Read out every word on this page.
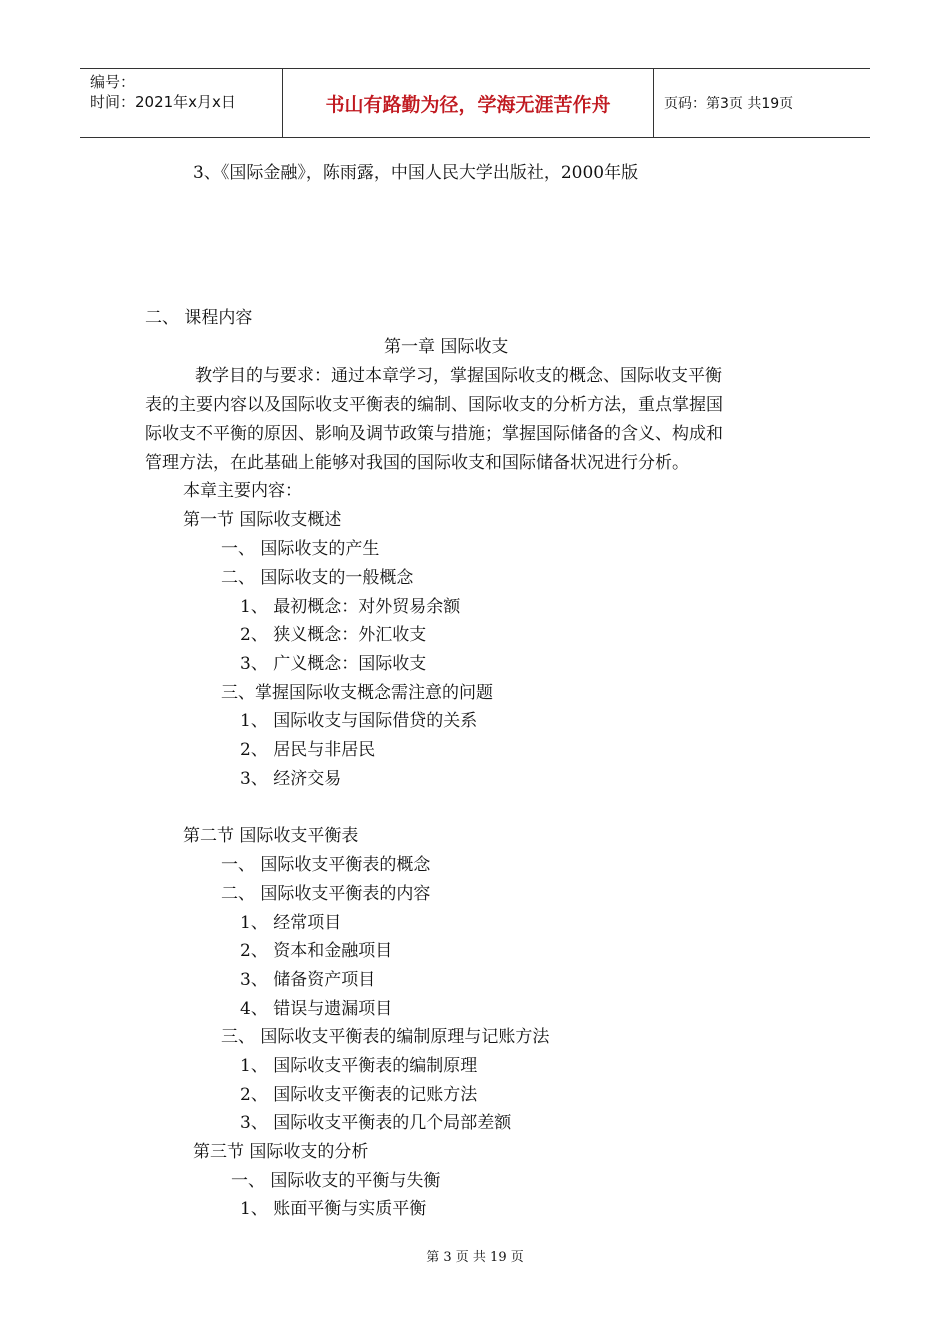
编号：
时间：2021年x月x日	书山有路勤为径，学海无涯苦作舟	页码：第3页 共19页
3、《国际金融》，陈雨露，中国人民大学出版社，2000年版
二、 课程内容
第一章 国际收支
教学目的与要求：通过本章学习，掌握国际收支的概念、国际收支平衡
表的主要内容以及国际收支平衡表的编制、国际收支的分析方法，重点掌握国
际收支不平衡的原因、影响及调节政策与措施；掌握国际储备的含义、构成和
管理方法，在此基础上能够对我国的国际收支和国际储备状况进行分析。
本章主要内容：
第一节 国际收支概述
一、 国际收支的产生
二、 国际收支的一般概念
1、 最初概念：对外贸易余额
2、 狭义概念：外汇收支
3、 广义概念：国际收支
三、掌握国际收支概念需注意的问题
1、 国际收支与国际借贷的关系
2、 居民与非居民
3、 经济交易
第二节 国际收支平衡表
一、 国际收支平衡表的概念
二、 国际收支平衡表的内容
1、 经常项目
2、 资本和金融项目
3、 储备资产项目
4、 错误与遗漏项目
三、 国际收支平衡表的编制原理与记账方法
1、 国际收支平衡表的编制原理
2、 国际收支平衡表的记账方法
3、 国际收支平衡表的几个局部差额
第三节 国际收支的分析
一、 国际收支的平衡与失衡
1、 账面平衡与实质平衡
第 3 页 共 19 页
